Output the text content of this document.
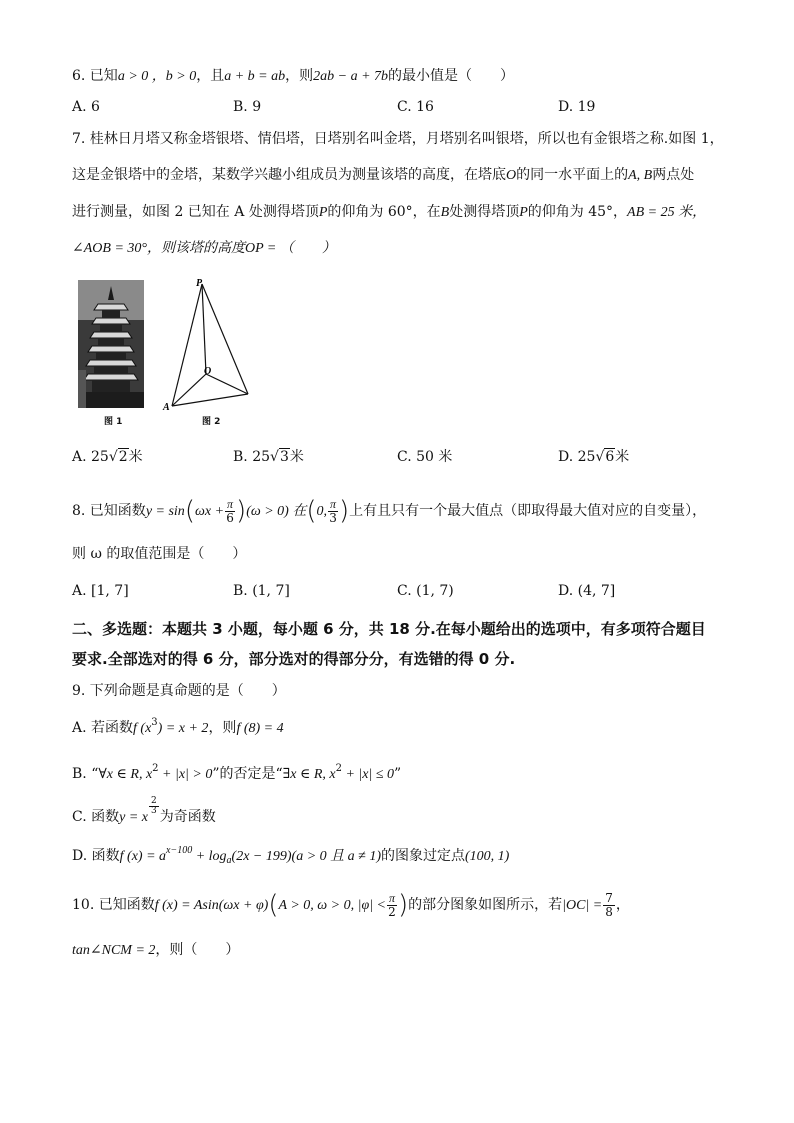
6. 已知a > 0 ，b > 0，且a + b = ab，则2ab − a + 7b的最小值是（　　）
A. 6	B. 9	C. 16	D. 19
7. 桂林日月塔又称金塔银塔、情侣塔，日塔别名叫金塔，月塔别名叫银塔，所以也有金银塔之称.如图 1，
这是金银塔中的金塔，某数学兴趣小组成员为测量该塔的高度，在塔底O的同一水平面上的A, B两点处
进行测量，如图 2 已知在 A 处测得塔顶P的仰角为 60°，在B处测得塔顶P的仰角为 45°，AB = 25 米，
∠AOB = 30°，则该塔的高度OP = （　　）
图 1
P
O
A
图 2
A. 25√2米	B. 25√3米	C. 50 米	D. 25√6米
8. 已知函数$y = \sin(\omega x + \frac{\pi}{6} )(\omega > 0)$ 在(0, $\frac{\pi}{3}$ )上有且只有一个最大值点（即取得最大值对应的自变量），
则 ω 的取值范围是（　　）
A. [1, 7]	B. (1, 7]	C. (1, 7)	D. (4, 7]
二、多选题：本题共 3 小题，每小题 6 分，共 18 分.在每小题给出的选项中，有多项符合题目
要求.全部选对的得 6 分，部分选对的得部分分，有选错的得 0 分.
9. 下列命题是真命题的是（　　）
A. 若函数f $(x^3) = x + 2$，则f (8) = 4
B. “∀x ∈ R, $x^2 + |x| > 0$”的否定是“∃x ∈ R, $x^2 + |x| \le 0$”
C. 函数y = x
$\frac{2}{3}$
为奇函数
D. 函数f $(x) = a^{x-100} + \log_a(2x - 199)(a > 0$ 且 a ≠ 1)的图象过定点(100, 1)
10. 已知函数f (x) = Asin(ωx + φ)(A > 0, ω > 0, $|\varphi| < \frac{\pi}{2}$ )的部分图象如图所示，若$|OC| = \frac{7}{8}$ ，
tan∠NCM = 2，则（　　）
